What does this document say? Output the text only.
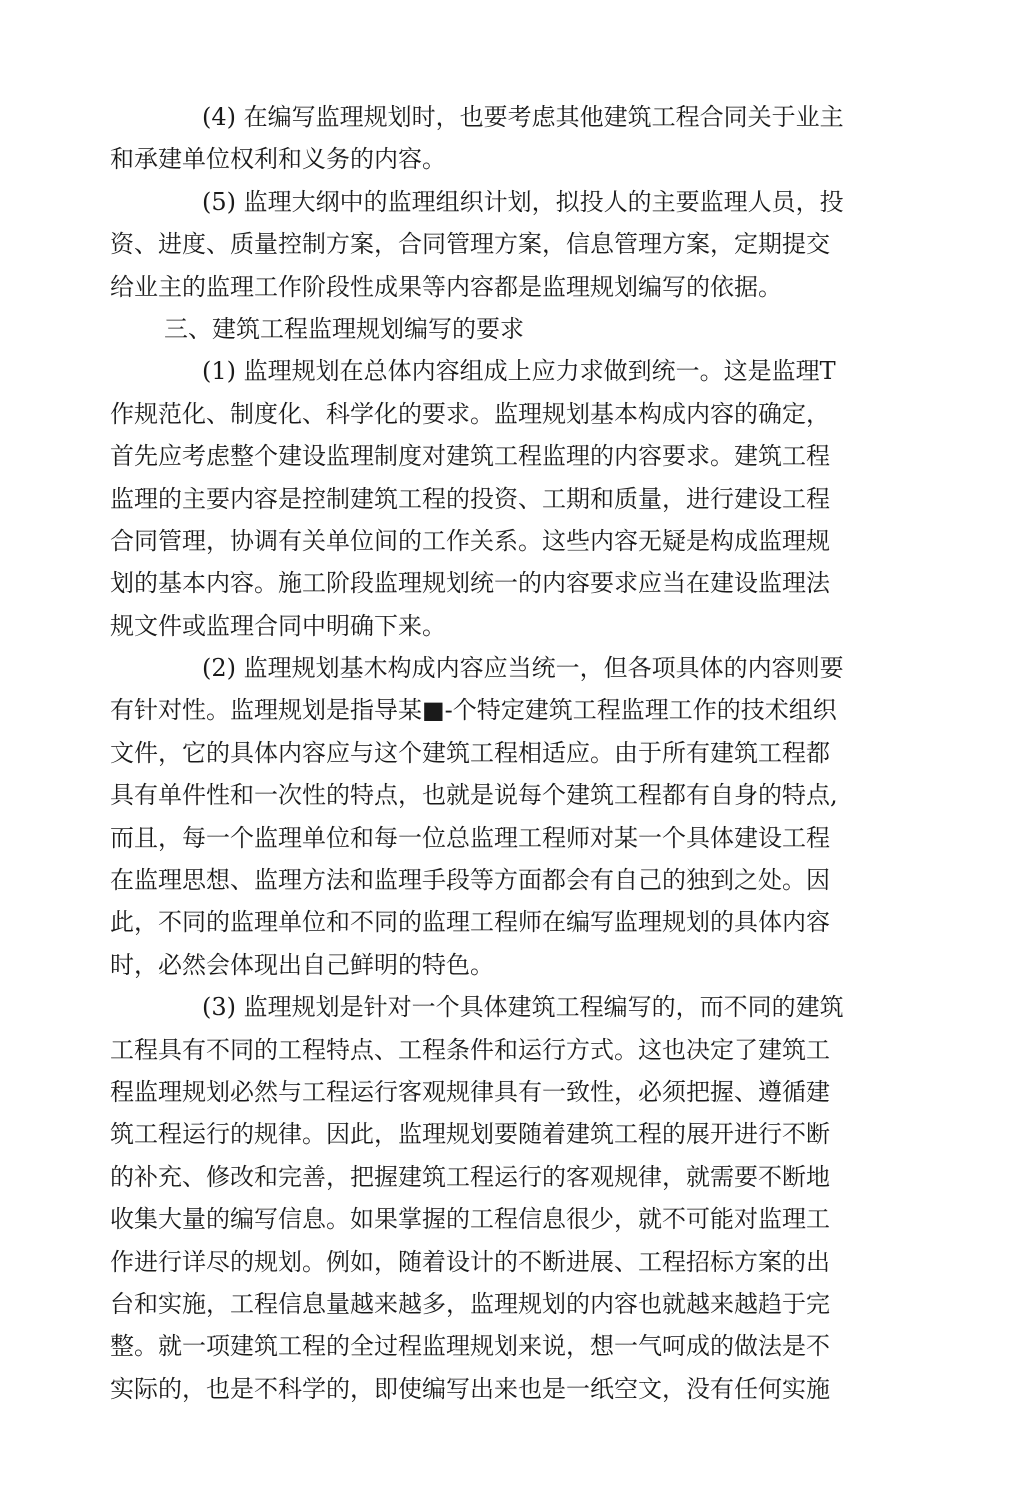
(4) 在编写监理规划时，也要考虑其他建筑工程合同关于业主
和承建单位权利和义务的内容。
(5) 监理大纲中的监理组织计划，拟投人的主要监理人员，投
资、进度、质量控制方案，合同管理方案，信息管理方案，定期提交
给业主的监理工作阶段性成果等内容都是监理规划编写的依据。
三、建筑工程监理规划编写的要求
(1) 监理规划在总体内容组成上应力求做到统一。这是监理T
作规范化、制度化、科学化的要求。监理规划基本构成内容的确定，
首先应考虑整个建设监理制度对建筑工程监理的内容要求。建筑工程
监理的主要内容是控制建筑工程的投资、工期和质量，进行建设工程
合同管理，协调有关单位间的工作关系。这些内容无疑是构成监理规
划的基本内容。施工阶段监理规划统一的内容要求应当在建设监理法
规文件或监理合同中明确下来。
(2) 监理规划基木构成内容应当统一，但各项具体的内容则要
有针对性。监理规划是指导某■-个特定建筑工程监理工作的技术组织
文件，它的具体内容应与这个建筑工程相适应。由于所有建筑工程都
具有单件性和一次性的特点，也就是说每个建筑工程都有自身的特点,
而且，每一个监理单位和每一位总监理工程师对某一个具体建设工程
在监理思想、监理方法和监理手段等方面都会有自己的独到之处。因
此，不同的监理单位和不同的监理工程师在编写监理规划的具体内容
时，必然会体现出自己鲜明的特色。
(3) 监理规划是针对一个具体建筑工程编写的，而不同的建筑
工程具有不同的工程特点、工程条件和运行方式。这也决定了建筑工
程监理规划必然与工程运行客观规律具有一致性，必须把握、遵循建
筑工程运行的规律。因此，监理规划要随着建筑工程的展开进行不断
的补充、修改和完善，把握建筑工程运行的客观规律，就需要不断地
收集大量的编写信息。如果掌握的工程信息很少，就不可能对监理工
作进行详尽的规划。例如，随着设计的不断进展、工程招标方案的出
台和实施，工程信息量越来越多，监理规划的内容也就越来越趋于完
整。就一项建筑工程的全过程监理规划来说，想一气呵成的做法是不
实际的，也是不科学的，即使编写出来也是一纸空文，没有任何实施
